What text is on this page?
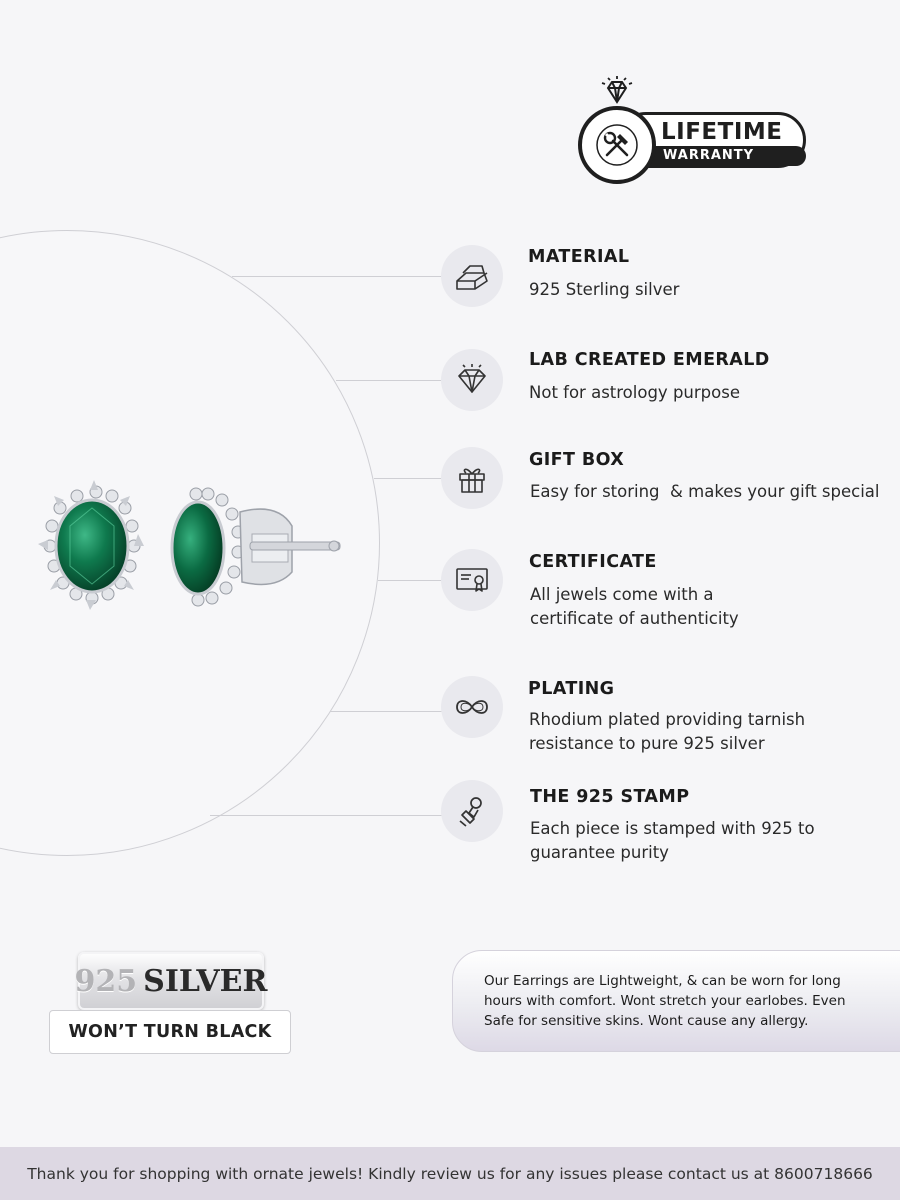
LIFETIME
WARRANTY
MATERIAL
925 Sterling silver
LAB CREATED EMERALD
Not for astrology purpose
GIFT BOX
Easy for storing  & makes your gift special
CERTIFICATE
All jewels come with a
certificate of authenticity
PLATING
Rhodium plated providing tarnish
resistance to pure 925 silver
THE 925 STAMP
Each piece is stamped with 925 to
guarantee purity
925 SILVER
WON’T TURN BLACK
Our Earrings are Lightweight, & can be worn for long
hours with comfort. Wont stretch your earlobes. Even
Safe for sensitive skins. Wont cause any allergy.
Thank you for shopping with ornate jewels! Kindly review us for any issues please contact us at 8600718666
